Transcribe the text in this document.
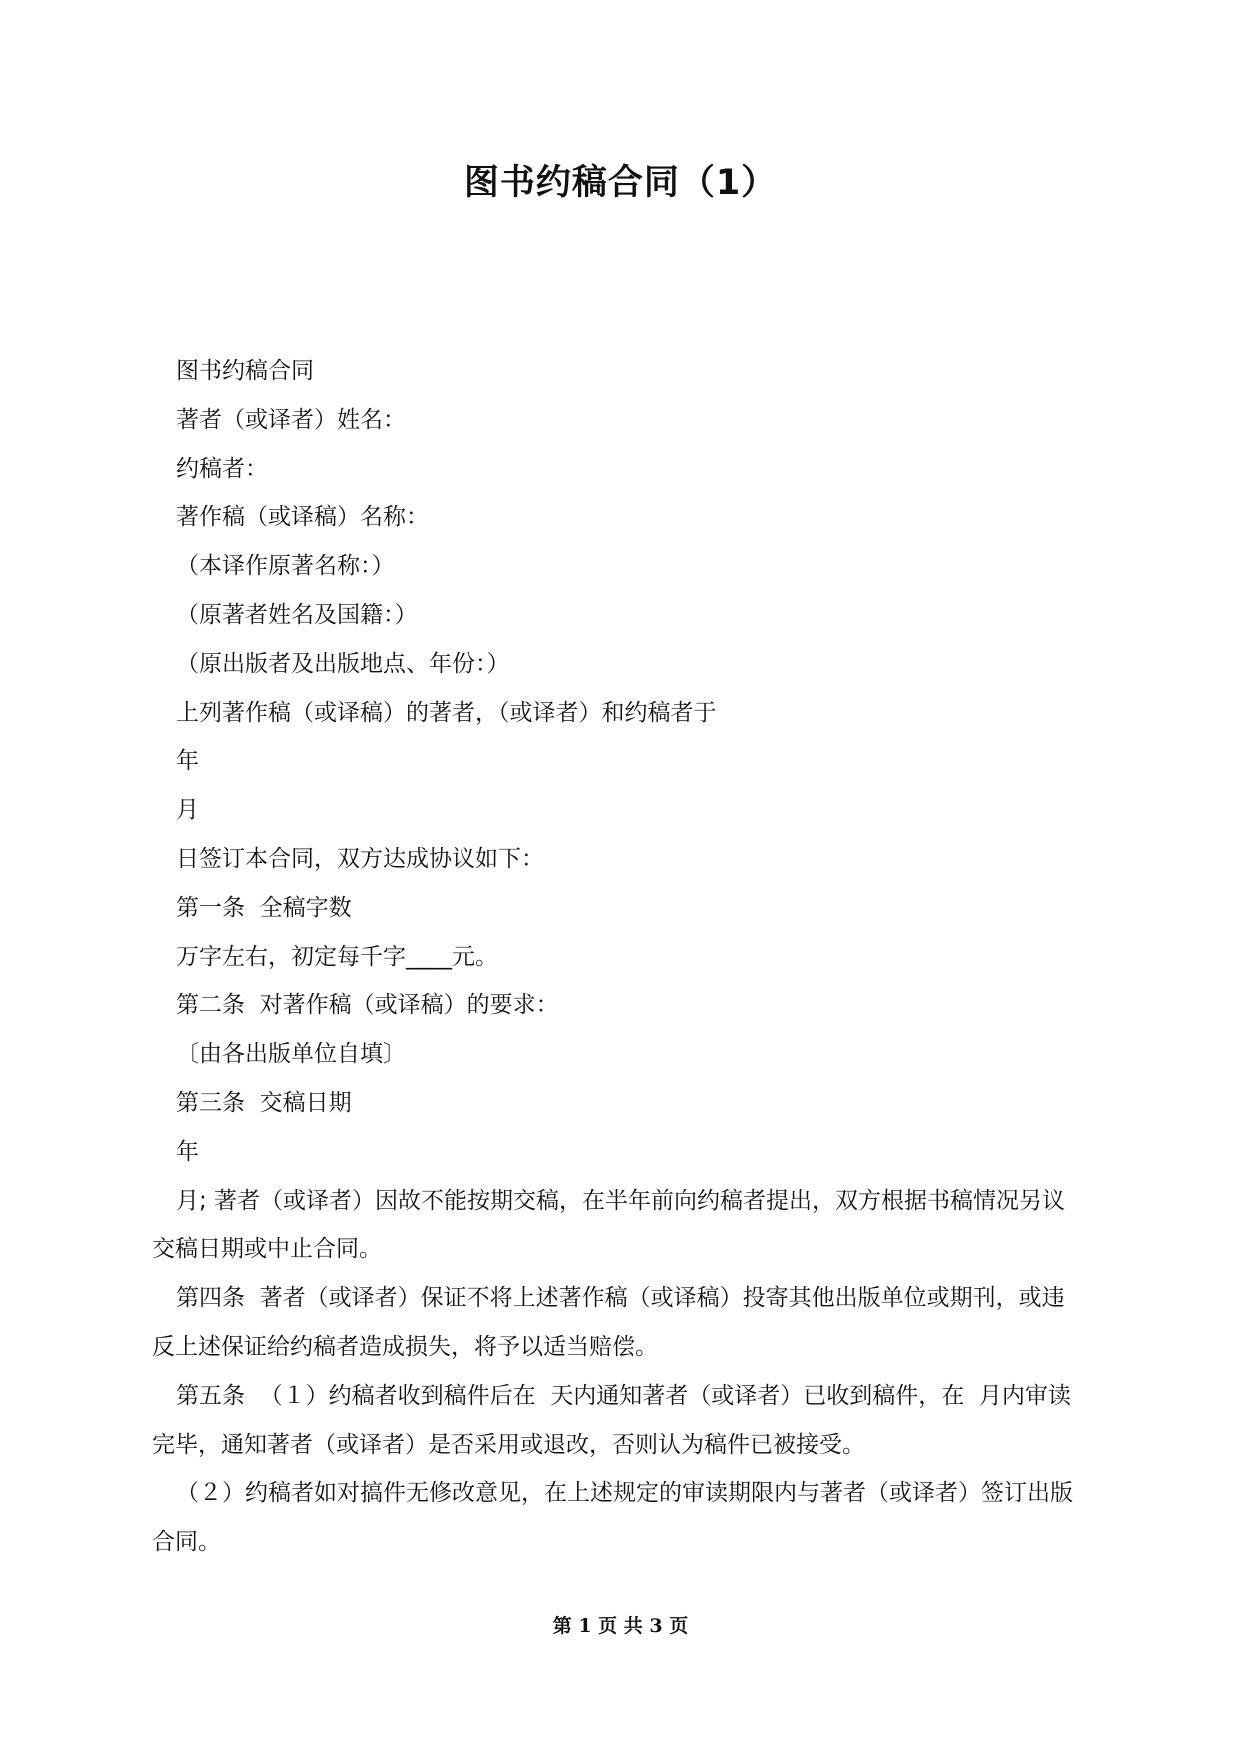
图书约稿合同（1）

图书约稿合同

著者（或译者）姓名：

约稿者：

著作稿（或译稿）名称：

（本译作原著名称：）

（原著者姓名及国籍：）

（原出版者及出版地点、年份：）

上列著作稿（或译稿）的著者，（或译者）和约稿者于

年

月

日签订本合同，双方达成协议如下：

第一条  全稿字数

万字左右，初定每千字____元。

第二条  对著作稿（或译稿）的要求：

〔由各出版单位自填〕

第三条  交稿日期

年

月; 著者（或译者）因故不能按期交稿，在半年前向约稿者提出，双方根据书稿情况另议交稿日期或中止合同。

第四条  著者（或译者）保证不将上述著作稿（或译稿）投寄其他出版单位或期刊，或违反上述保证给约稿者造成损失，将予以适当赔偿。

第五条  （１）约稿者收到稿件后在  天内通知著者（或译者）已收到稿件，在  月内审读完毕，通知著者（或译者）是否采用或退改，否则认为稿件已被接受。

（２）约稿者如对搞件无修改意见，在上述规定的审读期限内与著者（或译者）签订出版合同。

第 1 页 共 3 页
